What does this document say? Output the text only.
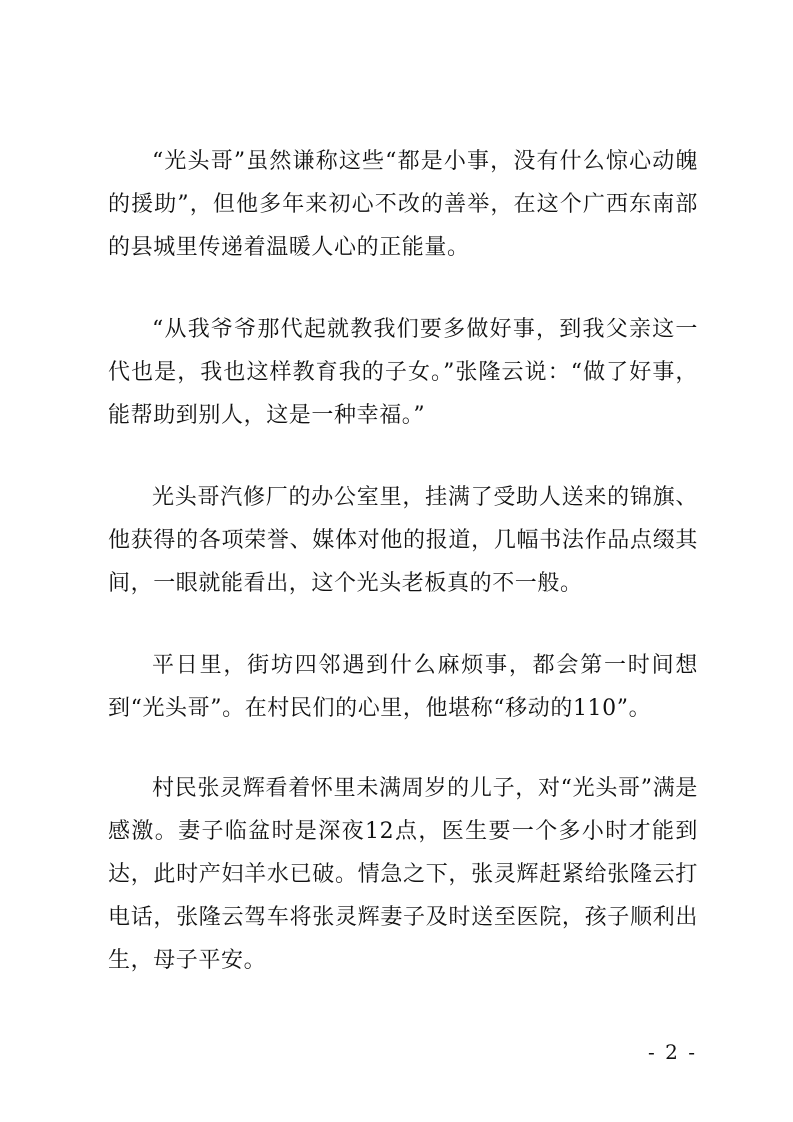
“光头哥”虽然谦称这些“都是小事，没有什么惊心动魄的援助”，但他多年来初心不改的善举，在这个广西东南部的县城里传递着温暖人心的正能量。

“从我爷爷那代起就教我们要多做好事，到我父亲这一代也是，我也这样教育我的子女。”张隆云说：“做了好事，能帮助到别人，这是一种幸福。”

光头哥汽修厂的办公室里，挂满了受助人送来的锦旗、他获得的各项荣誉、媒体对他的报道，几幅书法作品点缀其间，一眼就能看出，这个光头老板真的不一般。

平日里，街坊四邻遇到什么麻烦事，都会第一时间想到“光头哥”。在村民们的心里，他堪称“移动的110”。

村民张灵辉看着怀里未满周岁的儿子，对“光头哥”满是感激。妻子临盆时是深夜12点，医生要一个多小时才能到达，此时产妇羊水已破。情急之下，张灵辉赶紧给张隆云打电话，张隆云驾车将张灵辉妻子及时送至医院，孩子顺利出生，母子平安。

- 2 -
